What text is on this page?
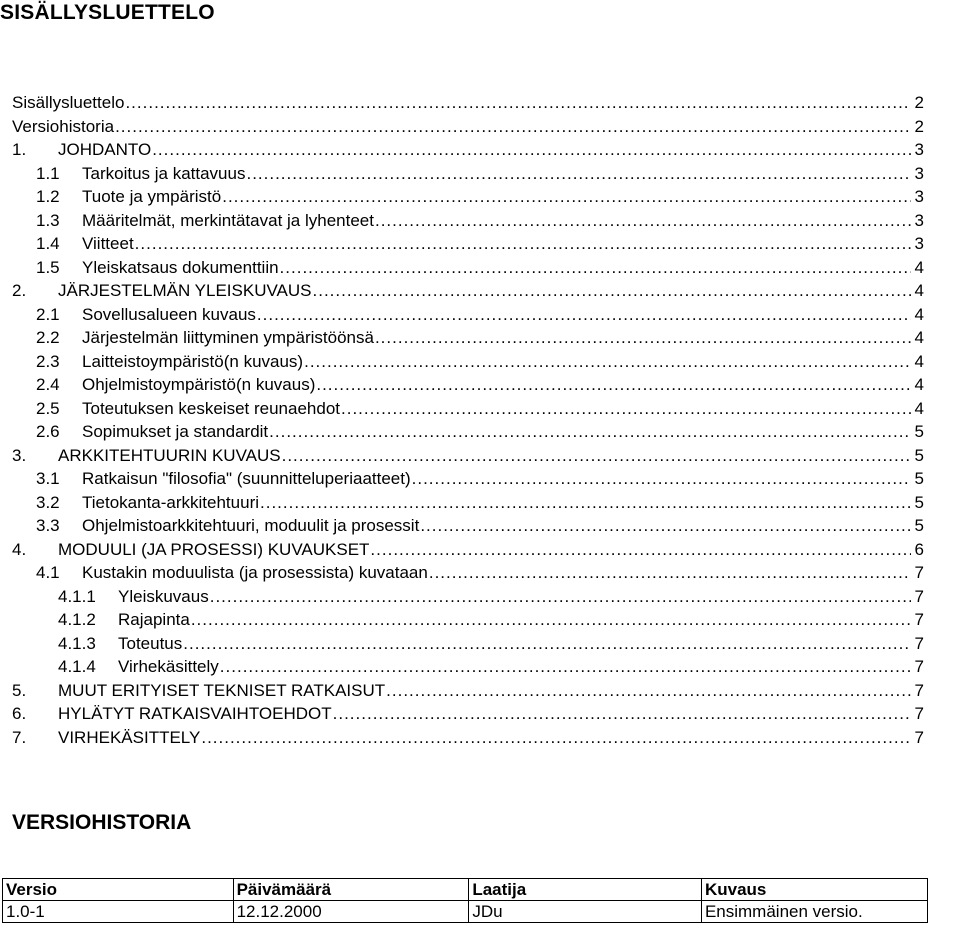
SISÄLLYSLUETTELO
Sisällysluettelo .....	2
Versiohistoria .....	2
1.	JOHDANTO .....	3
1.1	Tarkoitus ja kattavuus .....	3
1.2	Tuote ja ympäristö .....	3
1.3	Määritelmät, merkintätavat ja lyhenteet .....	3
1.4	Viitteet .....	3
1.5	Yleiskatsaus dokumenttiin .....	4
2.	JÄRJESTELMÄN YLEISKUVAUS .....	4
2.1	Sovellusalueen kuvaus .....	4
2.2	Järjestelmän liittyminen ympäristöönsä .....	4
2.3	Laitteistoympäristö(n kuvaus) .....	4
2.4	Ohjelmistoympäristö(n kuvaus) .....	4
2.5	Toteutuksen keskeiset reunaehdot .....	4
2.6	Sopimukset ja standardit .....	5
3.	ARKKITEHTUURIN KUVAUS .....	5
3.1	Ratkaisun "filosofia" (suunnitteluperiaatteet) .....	5
3.2	Tietokanta-arkkitehtuuri .....	5
3.3	Ohjelmistoarkkitehtuuri, moduulit ja prosessit .....	5
4.	MODUULI (JA PROSESSI) KUVAUKSET .....	6
4.1	Kustakin moduulista (ja prosessista) kuvataan .....	7
4.1.1	Yleiskuvaus .....	7
4.1.2	Rajapinta .....	7
4.1.3	Toteutus .....	7
4.1.4	Virhekäsittely .....	7
5.	MUUT ERITYISET TEKNISET RATKAISUT .....	7
6.	HYLÄTYT RATKAISVAIHTOEHDOT .....	7
7.	VIRHEKÄSITTELY .....	7
VERSIOHISTORIA
Versio	Päivämäärä	Laatija	Kuvaus
1.0-1	12.12.2000	JDu	Ensimmäinen versio.
